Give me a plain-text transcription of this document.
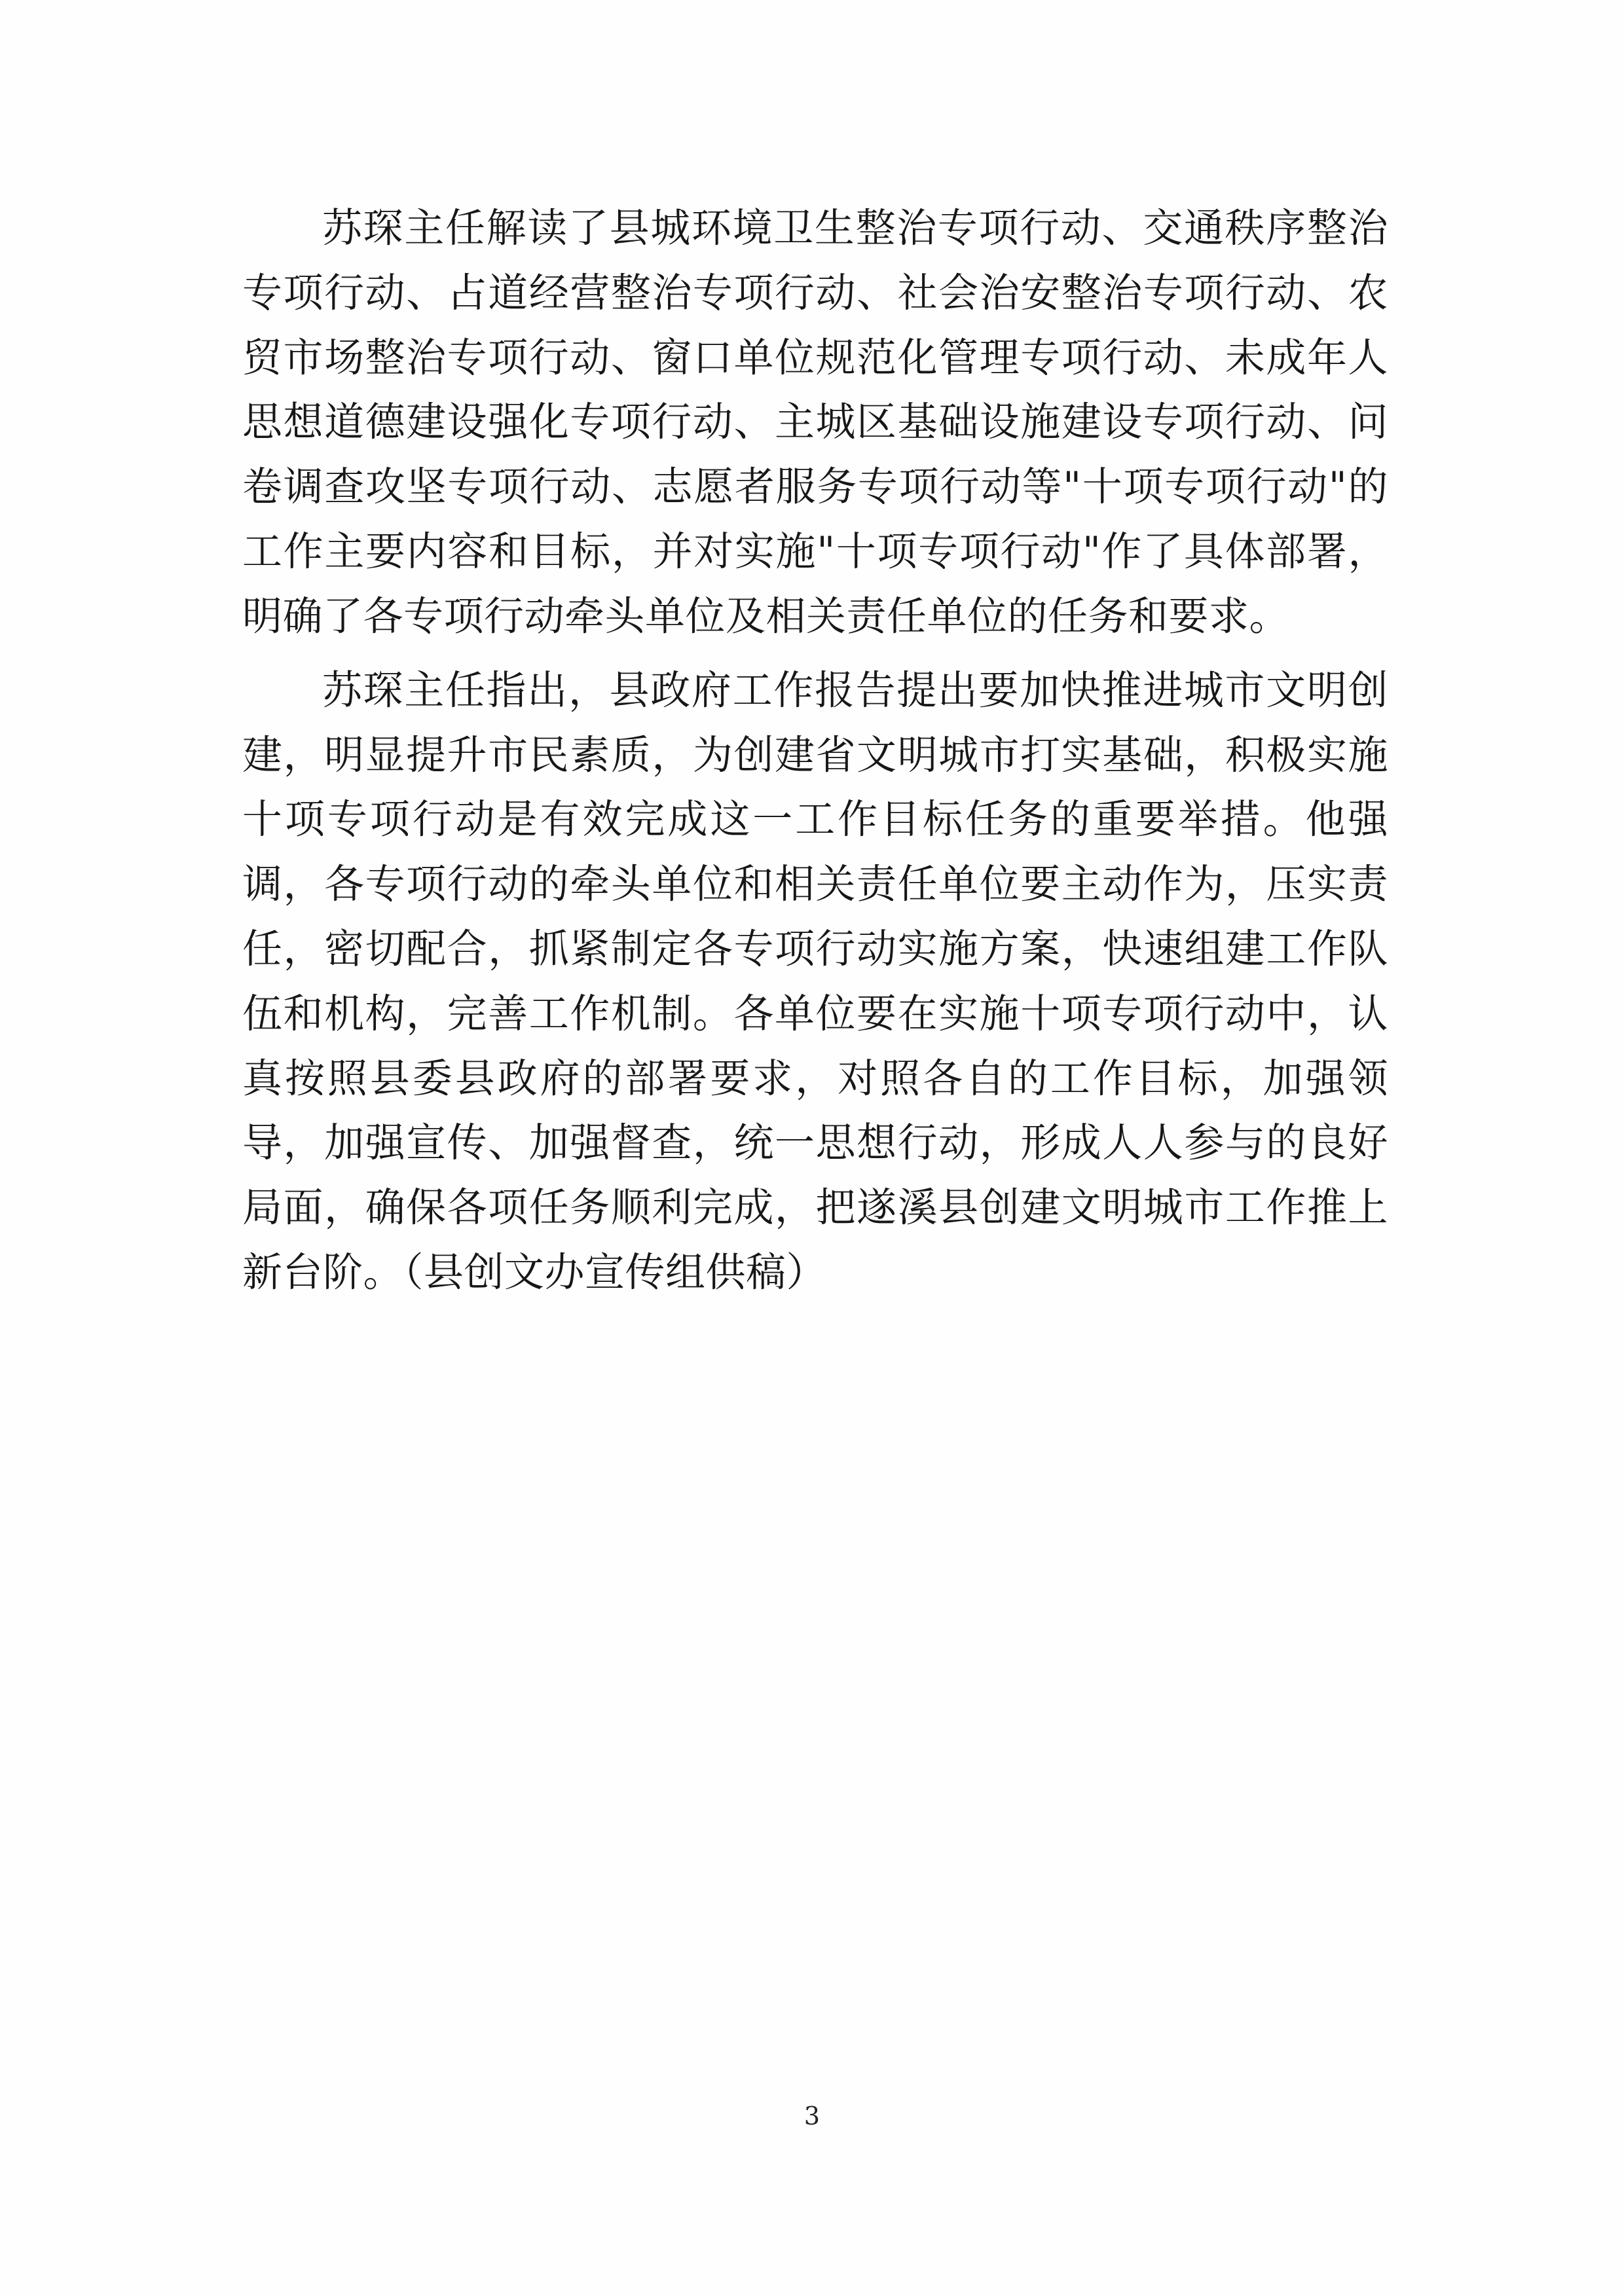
苏琛主任解读了县城环境卫生整治专项行动、交通秩序整治专项行动、占道经营整治专项行动、社会治安整治专项行动、农贸市场整治专项行动、窗口单位规范化管理专项行动、未成年人思想道德建设强化专项行动、主城区基础设施建设专项行动、问卷调查攻坚专项行动、志愿者服务专项行动等"十项专项行动"的工作主要内容和目标，并对实施"十项专项行动"作了具体部署，明确了各专项行动牵头单位及相关责任单位的任务和要求。

苏琛主任指出，县政府工作报告提出要加快推进城市文明创建，明显提升市民素质，为创建省文明城市打实基础，积极实施十项专项行动是有效完成这一工作目标任务的重要举措。他强调，各专项行动的牵头单位和相关责任单位要主动作为，压实责任，密切配合，抓紧制定各专项行动实施方案，快速组建工作队伍和机构，完善工作机制。各单位要在实施十项专项行动中，认真按照县委县政府的部署要求，对照各自的工作目标，加强领导，加强宣传、加强督查，统一思想行动，形成人人参与的良好局面，确保各项任务顺利完成，把遂溪县创建文明城市工作推上新台阶。（县创文办宣传组供稿）

3
